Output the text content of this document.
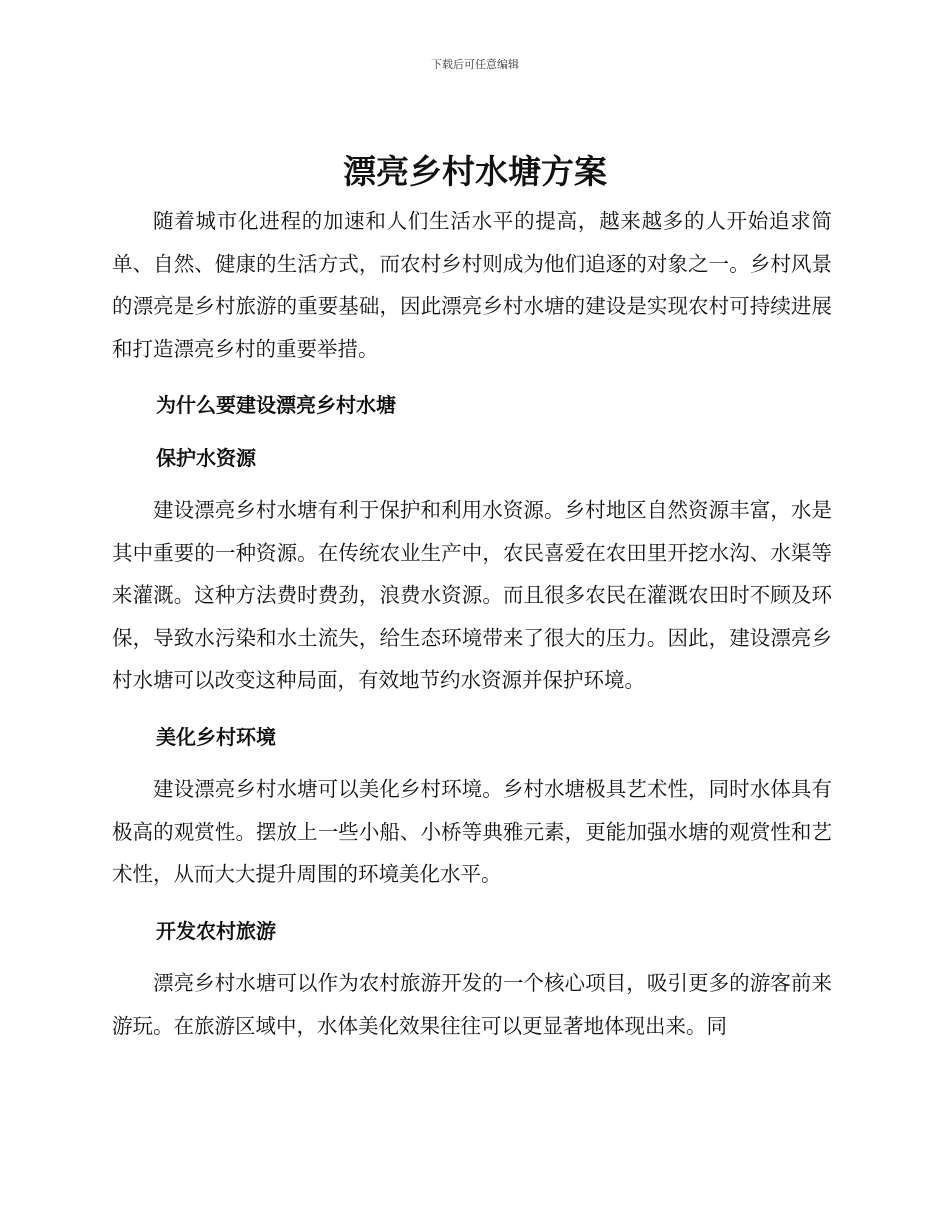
下载后可任意编辑
漂亮乡村水塘方案

随着城市化进程的加速和人们生活水平的提高，越来越多的人开始追求简单、自然、健康的生活方式，而农村乡村则成为他们追逐的对象之一。乡村风景的漂亮是乡村旅游的重要基础，因此漂亮乡村水塘的建设是实现农村可持续进展和打造漂亮乡村的重要举措。

为什么要建设漂亮乡村水塘
保护水资源

建设漂亮乡村水塘有利于保护和利用水资源。乡村地区自然资源丰富，水是其中重要的一种资源。在传统农业生产中，农民喜爱在农田里开挖水沟、水渠等来灌溉。这种方法费时费劲，浪费水资源。而且很多农民在灌溉农田时不顾及环保，导致水污染和水土流失，给生态环境带来了很大的压力。因此，建设漂亮乡村水塘可以改变这种局面，有效地节约水资源并保护环境。

美化乡村环境

建设漂亮乡村水塘可以美化乡村环境。乡村水塘极具艺术性，同时水体具有极高的观赏性。摆放上一些小船、小桥等典雅元素，更能加强水塘的观赏性和艺术性，从而大大提升周围的环境美化水平。

开发农村旅游

漂亮乡村水塘可以作为农村旅游开发的一个核心项目，吸引更多的游客前来游玩。在旅游区域中，水体美化效果往往可以更显著地体现出来。同
